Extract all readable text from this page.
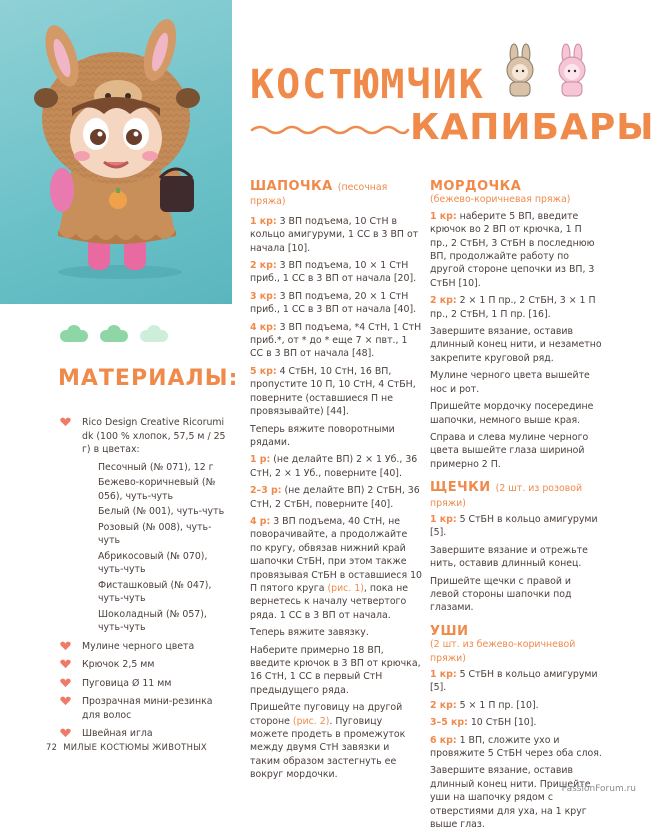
МАТЕРИАЛЫ:
Rico Design Creative Ricorumi dk (100 % хлопок, 57,5 м / 25 г) в цветах:
Песочный (№ 071), 12 г
Бежево-коричневый (№ 056), чуть-чуть
Белый (№ 001), чуть-чуть
Розовый (№ 008), чуть-чуть
Абрикосовый (№ 070), чуть-чуть
Фисташковый (№ 047), чуть-чуть
Шоколадный (№ 057), чуть-чуть
Мулине черного цвета
Крючок 2,5 мм
Пуговица Ø 11 мм
Прозрачная мини-резинка для волос
Швейная игла
КОСТЮМЧИК
КАПИБАРЫ
ШАПОЧКА (песочная пряжа)
1 кр: 3 ВП подъема, 10 СтН в кольцо амигуруми, 1 СС в 3 ВП от начала [10].
2 кр: 3 ВП подъема, 10 × 1 СтН приб., 1 СС в 3 ВП от начала [20].
3 кр: 3 ВП подъема, 20 × 1 СтН приб., 1 СС в 3 ВП от начала [40].
4 кр: 3 ВП подъема, *4 СтН, 1 СтН приб.*, от * до * еще 7 × пвт., 1 СС в 3 ВП от начала [48].
5 кр: 4 СтБН, 10 СтН, 16 ВП, пропустите 10 П, 10 СтН, 4 СтБН, поверните (оставшиеся П не провязывайте) [44].
Теперь вяжите поворотными рядами.
1 р: (не делайте ВП) 2 × 1 Уб., 36 СтН, 2 × 1 Уб., поверните [40].
2–3 р: (не делайте ВП) 2 СтБН, 36 СтН, 2 СтБН, поверните [40].
4 р: 3 ВП подъема, 40 СтН, не поворачивайте, а продолжайте по кругу, обвязав нижний край шапочки СтБН, при этом также провязывая СтБН в оставшиеся 10 П пятого круга (рис. 1), пока не вернетесь к началу четвертого ряда. 1 СС в 3 ВП от начала.
Теперь вяжите завязку.
Наберите примерно 18 ВП, введите крючок в 3 ВП от крючка, 16 СтН, 1 СС в первый СтН предыдущего ряда.
Пришейте пуговицу на другой стороне (рис. 2). Пуговицу можете продеть в промежуток между двумя СтН завязки и таким образом застегнуть ее вокруг мордочки.
МОРДОЧКА
(бежево-коричневая пряжа)
1 кр: наберите 5 ВП, введите крючок во 2 ВП от крючка, 1 П пр., 2 СтБН, 3 СтБН в последнюю ВП, продолжайте работу по другой стороне цепочки из ВП, 3 СтБН [10].
2 кр: 2 × 1 П пр., 2 СтБН, 3 × 1 П пр., 2 СтБН, 1 П пр. [16].
Завершите вязание, оставив длинный конец нити, и незаметно закрепите круговой ряд.
Мулине черного цвета вышейте нос и рот.
Пришейте мордочку посередине шапочки, немного выше края.
Справа и слева мулине черного цвета вышейте глаза шириной примерно 2 П.
ЩЕЧКИ (2 шт. из розовой пряжи)
1 кр: 5 СтБН в кольцо амигуруми [5].
Завершите вязание и отрежьте нить, оставив длинный конец.
Пришейте щечки с правой и левой стороны шапочки под глазами.
УШИ
(2 шт. из бежево-коричневой пряжи)
1 кр: 5 СтБН в кольцо амигуруми [5].
2 кр: 5 × 1 П пр. [10].
3–5 кр: 10 СтБН [10].
6 кр: 1 ВП, сложите ухо и провяжите 5 СтБН через оба слоя.
Завершите вязание, оставив длинный конец нити. Пришейте уши на шапочку рядом с отверстиями для уха, на 1 круг выше глаз.
72 МИЛЫЕ КОСТЮМЫ ЖИВОТНЫХ
PassionForum.ru
